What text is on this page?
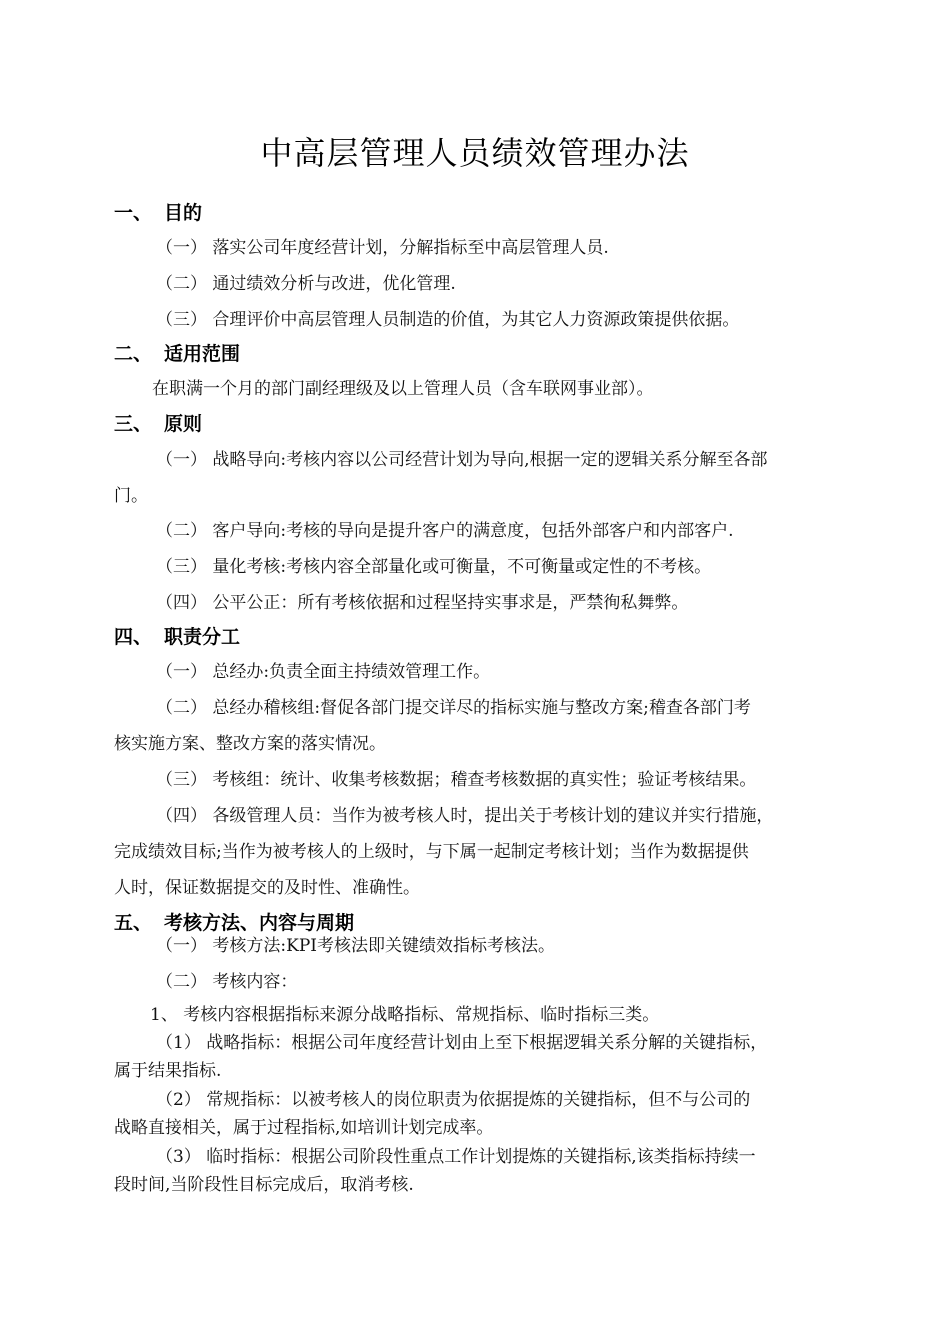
中高层管理人员绩效管理办法
一、 目的
（一） 落实公司年度经营计划，分解指标至中高层管理人员.
（二） 通过绩效分析与改进，优化管理.
（三） 合理评价中高层管理人员制造的价值，为其它人力资源政策提供依据。
二、 适用范围
在职满一个月的部门副经理级及以上管理人员（含车联网事业部）。
三、 原则
（一） 战略导向:考核内容以公司经营计划为导向,根据一定的逻辑关系分解至各部
门。
（二） 客户导向:考核的导向是提升客户的满意度，包括外部客户和内部客户.
（三） 量化考核:考核内容全部量化或可衡量，不可衡量或定性的不考核。
（四） 公平公正：所有考核依据和过程坚持实事求是，严禁徇私舞弊。
四、 职责分工
（一） 总经办:负责全面主持绩效管理工作。
（二） 总经办稽核组:督促各部门提交详尽的指标实施与整改方案;稽查各部门考
核实施方案、整改方案的落实情况。
（三） 考核组：统计、收集考核数据；稽查考核数据的真实性；验证考核结果。
（四） 各级管理人员：当作为被考核人时，提出关于考核计划的建议并实行措施，
完成绩效目标;当作为被考核人的上级时，与下属一起制定考核计划；当作为数据提供
人时，保证数据提交的及时性、准确性。
五、 考核方法、内容与周期
（一） 考核方法:KPI考核法即关键绩效指标考核法。
（二） 考核内容：
1、 考核内容根据指标来源分战略指标、常规指标、临时指标三类。
（1） 战略指标：根据公司年度经营计划由上至下根据逻辑关系分解的关键指标，
属于结果指标.
（2） 常规指标：以被考核人的岗位职责为依据提炼的关键指标，但不与公司的
战略直接相关，属于过程指标,如培训计划完成率。
（3） 临时指标：根据公司阶段性重点工作计划提炼的关键指标,该类指标持续一
段时间,当阶段性目标完成后，取消考核.
